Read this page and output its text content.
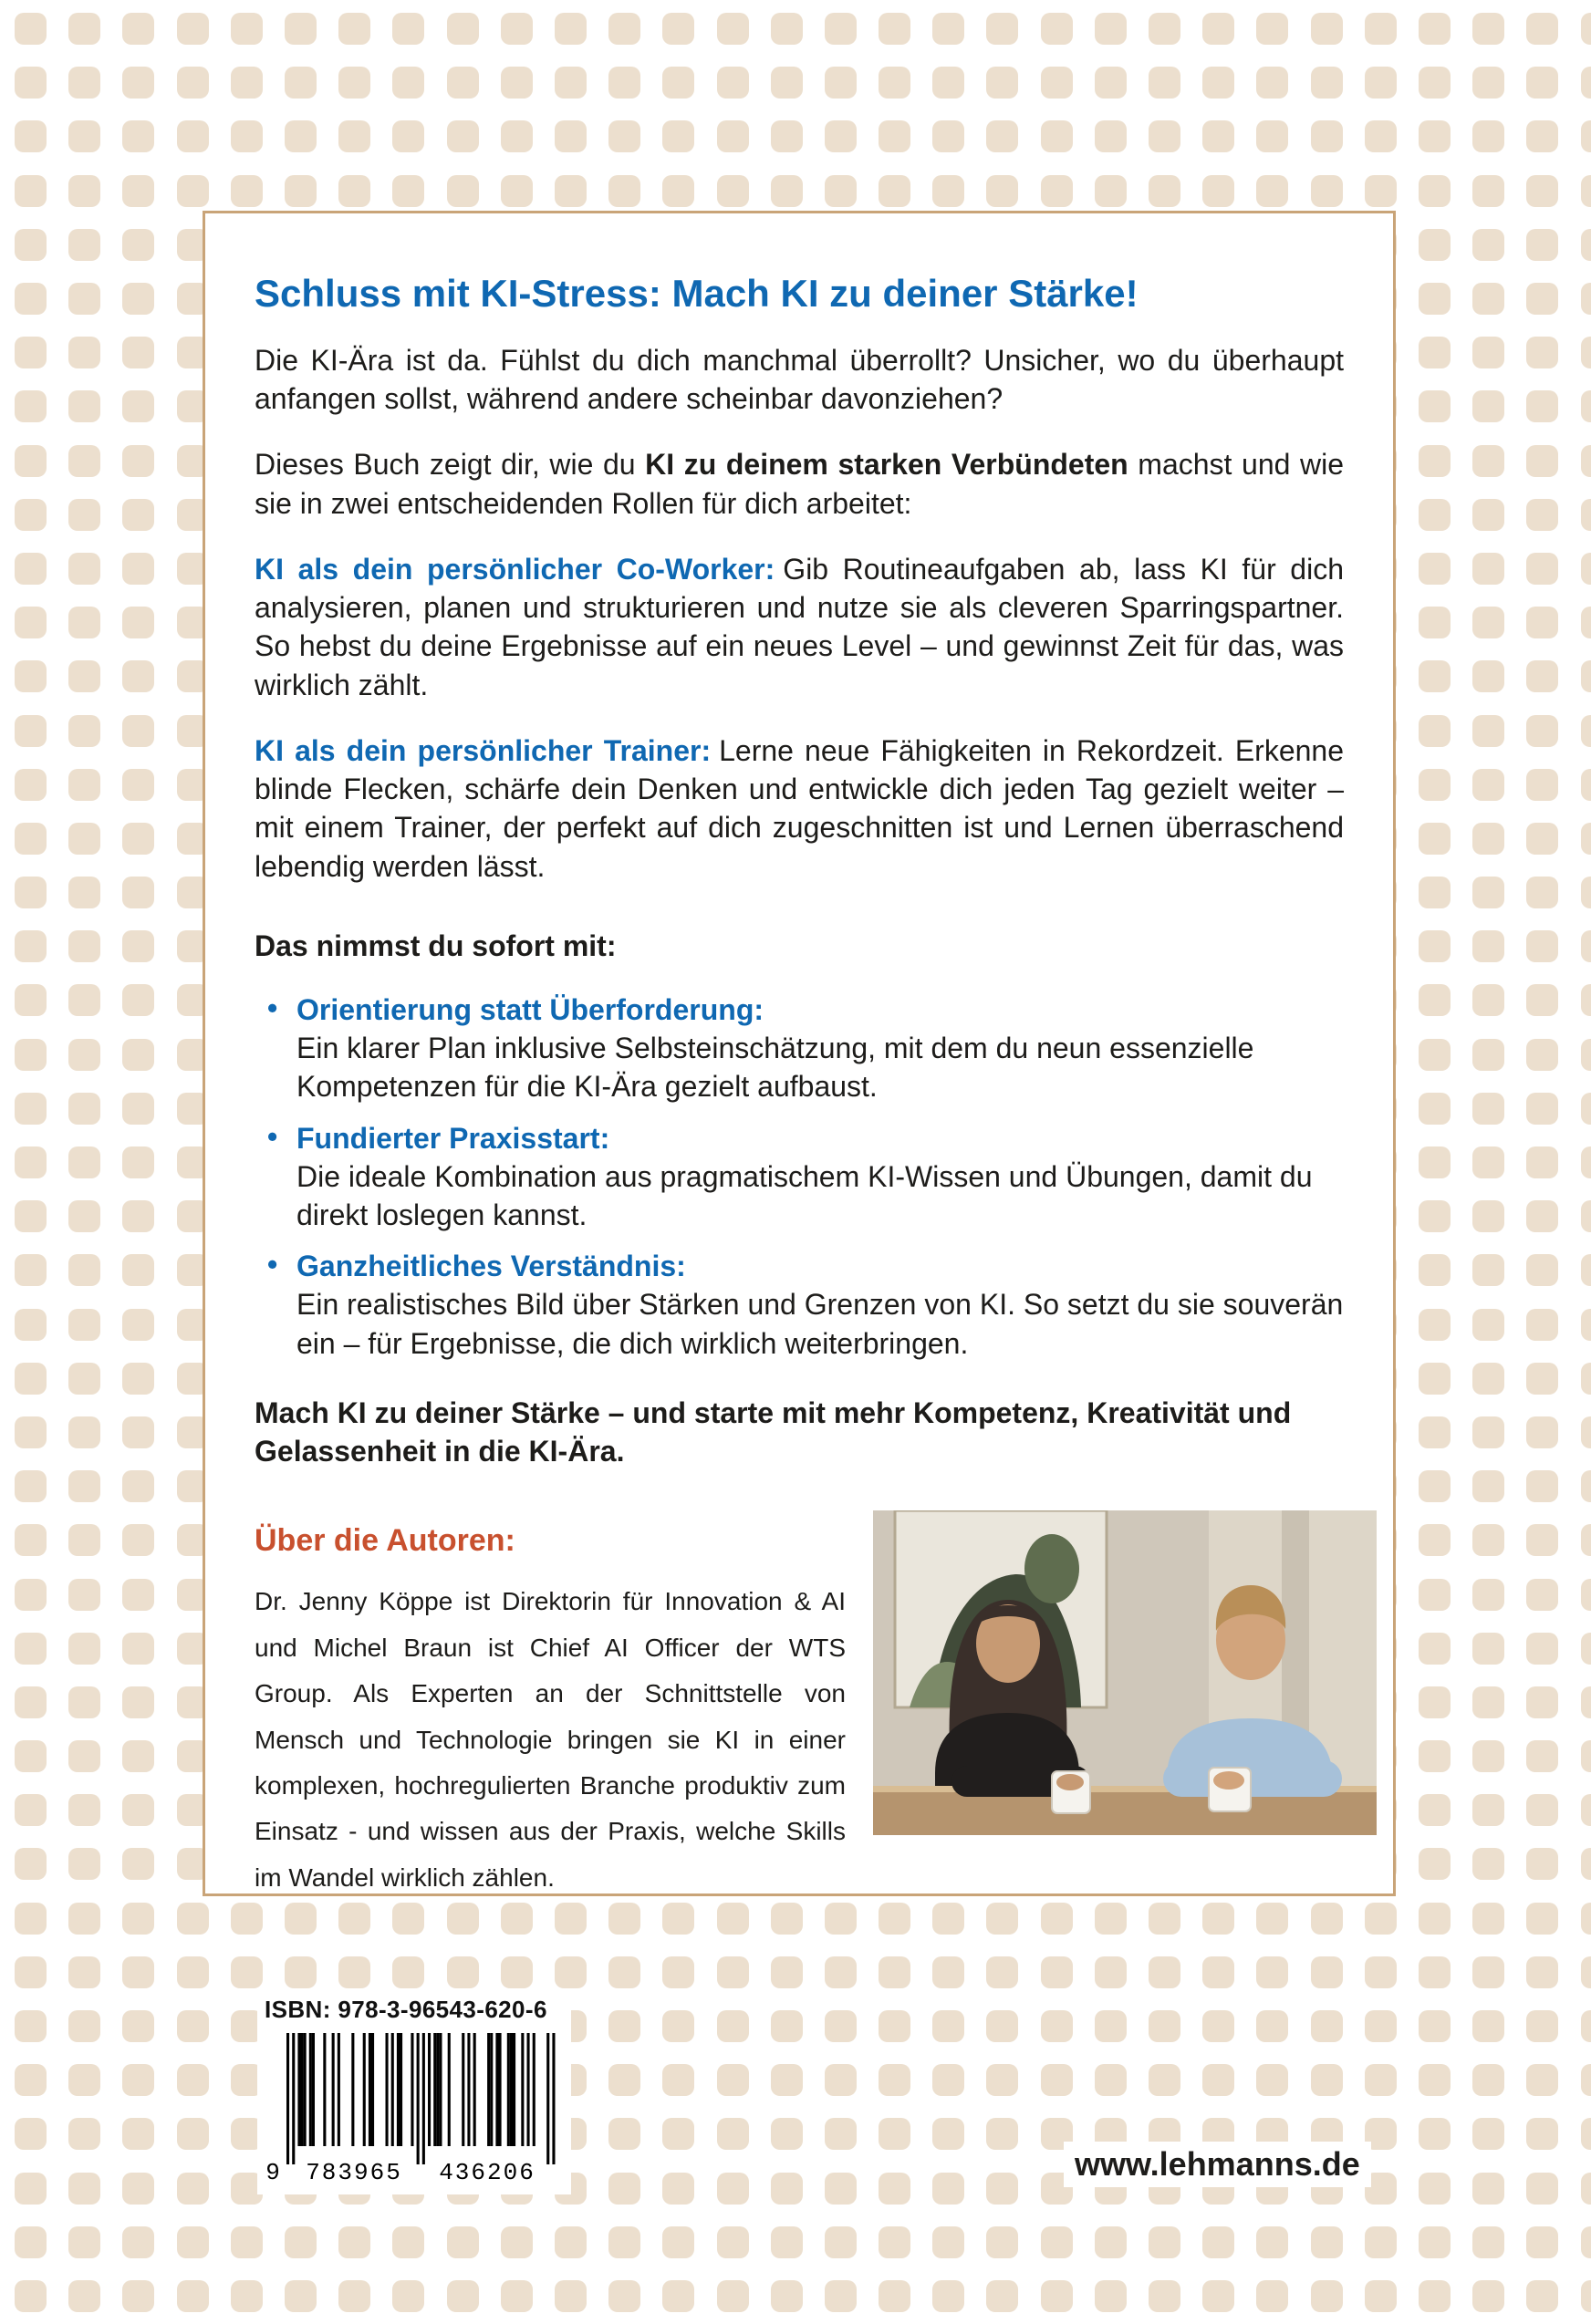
Schluss mit KI-Stress: Mach KI zu deiner Stärke!

Die KI-Ära ist da. Fühlst du dich manchmal überrollt? Unsicher, wo du überhaupt anfangen sollst, während andere scheinbar davonziehen?

Dieses Buch zeigt dir, wie du KI zu deinem starken Verbündeten machst und wie sie in zwei entscheidenden Rollen für dich arbeitet:

KI als dein persönlicher Co-Worker: Gib Routineaufgaben ab, lass KI für dich analysieren, planen und strukturieren und nutze sie als cleveren Sparringspartner. So hebst du deine Ergebnisse auf ein neues Level – und gewinnst Zeit für das, was wirklich zählt.

KI als dein persönlicher Trainer: Lerne neue Fähigkeiten in Rekordzeit. Erkenne blinde Flecken, schärfe dein Denken und entwickle dich jeden Tag gezielt weiter – mit einem Trainer, der perfekt auf dich zugeschnitten ist und Lernen überraschend lebendig werden lässt.

Das nimmst du sofort mit:

• Orientierung statt Überforderung:
Ein klarer Plan inklusive Selbsteinschätzung, mit dem du neun essenzielle Kompetenzen für die KI-Ära gezielt aufbaust.
• Fundierter Praxisstart:
Die ideale Kombination aus pragmatischem KI-Wissen und Übungen, damit du direkt loslegen kannst.
• Ganzheitliches Verständnis:
Ein realistisches Bild über Stärken und Grenzen von KI. So setzt du sie souverän ein – für Ergebnisse, die dich wirklich weiterbringen.

Mach KI zu deiner Stärke – und starte mit mehr Kompetenz, Kreativität und Gelassenheit in die KI-Ära.

Über die Autoren:

Dr. Jenny Köppe ist Direktorin für Innovation & AI und Michel Braun ist Chief AI Officer der WTS Group. Als Experten an der Schnittstelle von Mensch und Technologie bringen sie KI in einer komplexen, hochregulierten Branche produktiv zum Einsatz - und wissen aus der Praxis, welche Skills im Wandel wirklich zählen.

ISBN: 978-3-96543-620-6
9 783965 436206	www.lehmanns.de
